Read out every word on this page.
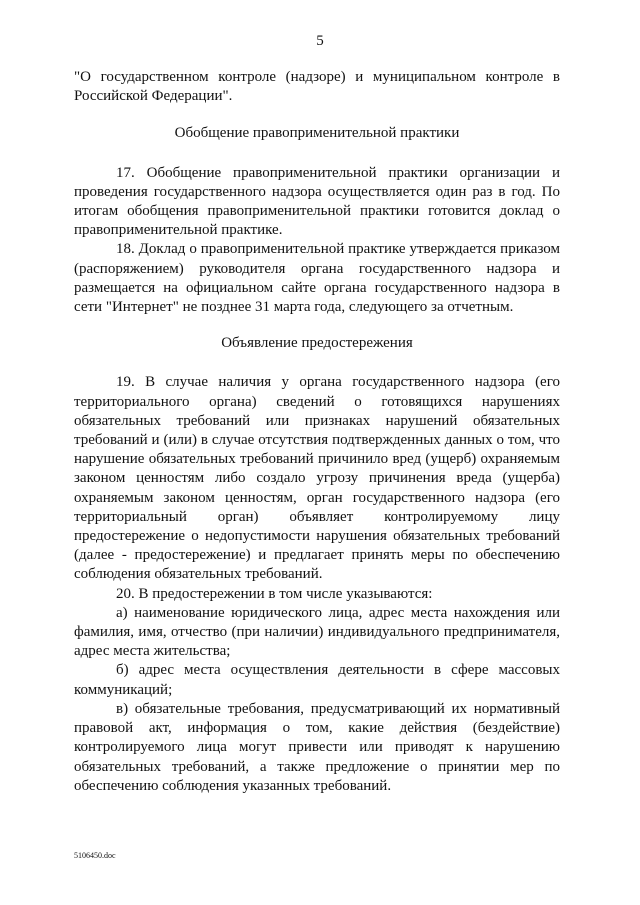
5

"О государственном контроле (надзоре) и муниципальном контроле в Российской Федерации".

Обобщение правоприменительной практики

17. Обобщение правоприменительной практики организации и проведения государственного надзора осуществляется один раз в год. По итогам обобщения правоприменительной практики готовится доклад о правоприменительной практике.

18. Доклад о правоприменительной практике утверждается приказом (распоряжением) руководителя органа государственного надзора и размещается на официальном сайте органа государственного надзора в сети "Интернет" не позднее 31 марта года, следующего за отчетным.

Объявление предостережения

19. В случае наличия у органа государственного надзора (его территориального органа) сведений о готовящихся нарушениях обязательных требований или признаках нарушений обязательных требований и (или) в случае отсутствия подтвержденных данных о том, что нарушение обязательных требований причинило вред (ущерб) охраняемым законом ценностям либо создало угрозу причинения вреда (ущерба) охраняемым законом ценностям, орган государственного надзора (его территориальный орган) объявляет контролируемому лицу предостережение о недопустимости нарушения обязательных требований (далее - предостережение) и предлагает принять меры по обеспечению соблюдения обязательных требований.

20. В предостережении в том числе указываются:

а) наименование юридического лица, адрес места нахождения или фамилия, имя, отчество (при наличии) индивидуального предпринимателя, адрес места жительства;

б) адрес места осуществления деятельности в сфере массовых коммуникаций;

в) обязательные требования, предусматривающий их нормативный правовой акт, информация о том, какие действия (бездействие) контролируемого лица могут привести или приводят к нарушению обязательных требований, а также предложение о принятии мер по обеспечению соблюдения указанных требований.

5106450.doc
